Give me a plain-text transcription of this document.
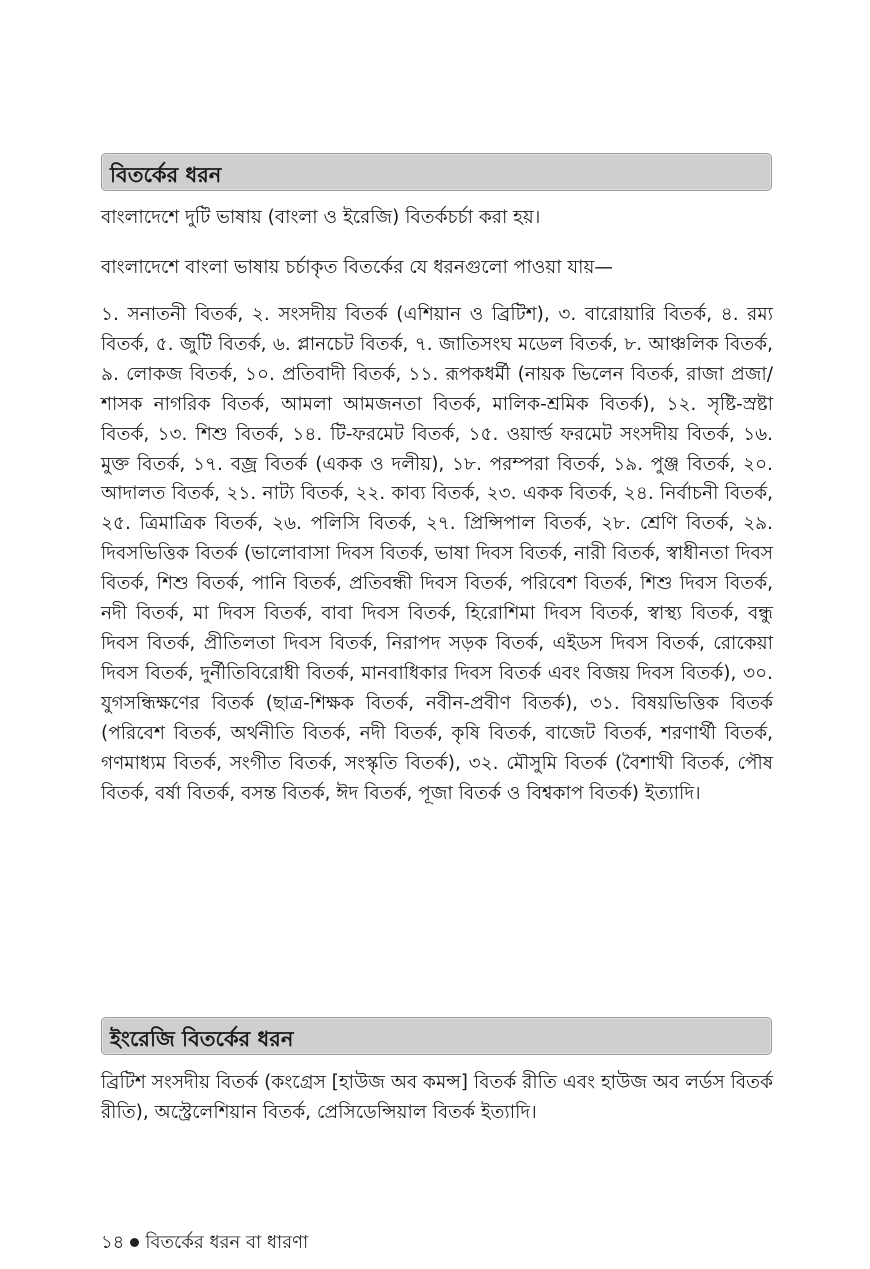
বিতর্কের ধরন
বাংলাদেশে দুটি ভাষায় (বাংলা ও ইরেজি) বিতর্কচর্চা করা হয়।
বাংলাদেশে বাংলা ভাষায় চর্চাকৃত বিতর্কের যে ধরনগুলো পাওয়া যায়—
১. সনাতনী বিতর্ক, ২. সংসদীয় বিতর্ক (এশিয়ান ও ব্রিটিশ), ৩. বারোয়ারি বিতর্ক, ৪. রম্য বিতর্ক, ৫. জুটি বিতর্ক, ৬. প্লানচেট বিতর্ক, ৭. জাতিসংঘ মডেল বিতর্ক, ৮. আঞ্চলিক বিতর্ক, ৯. লোকজ বিতর্ক, ১০. প্রতিবাদী বিতর্ক, ১১. রূপকধর্মী (নায়ক ভিলেন বিতর্ক, রাজা প্রজা/শাসক নাগরিক বিতর্ক, আমলা আমজনতা বিতর্ক, মালিক-শ্রমিক বিতর্ক), ১২. সৃষ্টি-স্রষ্টা বিতর্ক, ১৩. শিশু বিতর্ক, ১৪. টি-ফরমেট বিতর্ক, ১৫. ওয়ার্ল্ড ফরমেট সংসদীয় বিতর্ক, ১৬. মুক্ত বিতর্ক, ১৭. বজ্র বিতর্ক (একক ও দলীয়), ১৮. পরম্পরা বিতর্ক, ১৯. পুঞ্জ বিতর্ক, ২০. আদালত বিতর্ক, ২১. নাট্য বিতর্ক, ২২. কাব্য বিতর্ক, ২৩. একক বিতর্ক, ২৪. নির্বাচনী বিতর্ক, ২৫. ত্রিমাত্রিক বিতর্ক, ২৬. পলিসি বিতর্ক, ২৭. প্রিন্সিপাল বিতর্ক, ২৮. শ্রেণি বিতর্ক, ২৯. দিবসভিত্তিক বিতর্ক (ভালোবাসা দিবস বিতর্ক, ভাষা দিবস বিতর্ক, নারী বিতর্ক, স্বাধীনতা দিবস বিতর্ক, শিশু বিতর্ক, পানি বিতর্ক, প্রতিবন্ধী দিবস বিতর্ক, পরিবেশ বিতর্ক, শিশু দিবস বিতর্ক, নদী বিতর্ক, মা দিবস বিতর্ক, বাবা দিবস বিতর্ক, হিরোশিমা দিবস বিতর্ক, স্বাস্থ্য বিতর্ক, বন্ধু দিবস বিতর্ক, প্রীতিলতা দিবস বিতর্ক, নিরাপদ সড়ক বিতর্ক, এইডস দিবস বিতর্ক, রোকেয়া দিবস বিতর্ক, দুর্নীতিবিরোধী বিতর্ক, মানবাধিকার দিবস বিতর্ক এবং বিজয় দিবস বিতর্ক), ৩০. যুগসন্ধিক্ষণের বিতর্ক (ছাত্র-শিক্ষক বিতর্ক, নবীন-প্রবীণ বিতর্ক), ৩১. বিষয়ভিত্তিক বিতর্ক (পরিবেশ বিতর্ক, অর্থনীতি বিতর্ক, নদী বিতর্ক, কৃষি বিতর্ক, বাজেট বিতর্ক, শরণার্থী বিতর্ক, গণমাধ্যম বিতর্ক, সংগীত বিতর্ক, সংস্কৃতি বিতর্ক), ৩২. মৌসুমি বিতর্ক (বৈশাখী বিতর্ক, পৌষ বিতর্ক, বর্ষা বিতর্ক, বসন্ত বিতর্ক, ঈদ বিতর্ক, পূজা বিতর্ক ও বিশ্বকাপ বিতর্ক) ইত্যাদি।
ইংরেজি বিতর্কের ধরন
ব্রিটিশ সংসদীয় বিতর্ক (কংগ্রেস [হাউজ অব কমন্স] বিতর্ক রীতি এবং হাউজ অব লর্ডস বিতর্ক রীতি), অস্ট্রেলেশিয়ান বিতর্ক, প্রেসিডেন্সিয়াল বিতর্ক ইত্যাদি।
১৪ বিতর্কের ধরন বা ধারণা
